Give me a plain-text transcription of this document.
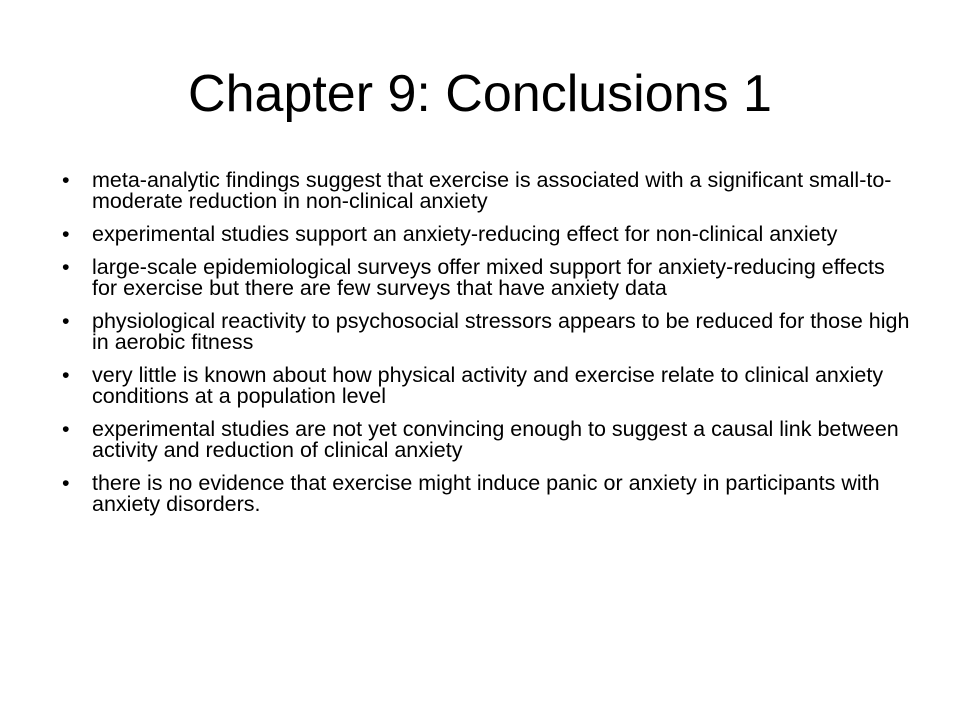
Chapter 9: Conclusions 1
•	meta-analytic findings suggest that exercise is associated with a significant small-to-moderate reduction in non-clinical anxiety
•	experimental studies support an anxiety-reducing effect for non-clinical anxiety
•	large-scale epidemiological surveys offer mixed support for anxiety-reducing effects for exercise but there are few surveys that have anxiety data
•	physiological reactivity to psychosocial stressors appears to be reduced for those high in aerobic fitness
•	very little is known about how physical activity and exercise relate to clinical anxiety conditions at a population level
•	experimental studies are not yet convincing enough to suggest a causal link between activity and reduction of clinical anxiety
•	there is no evidence that exercise might induce panic or anxiety in participants with anxiety disorders.
